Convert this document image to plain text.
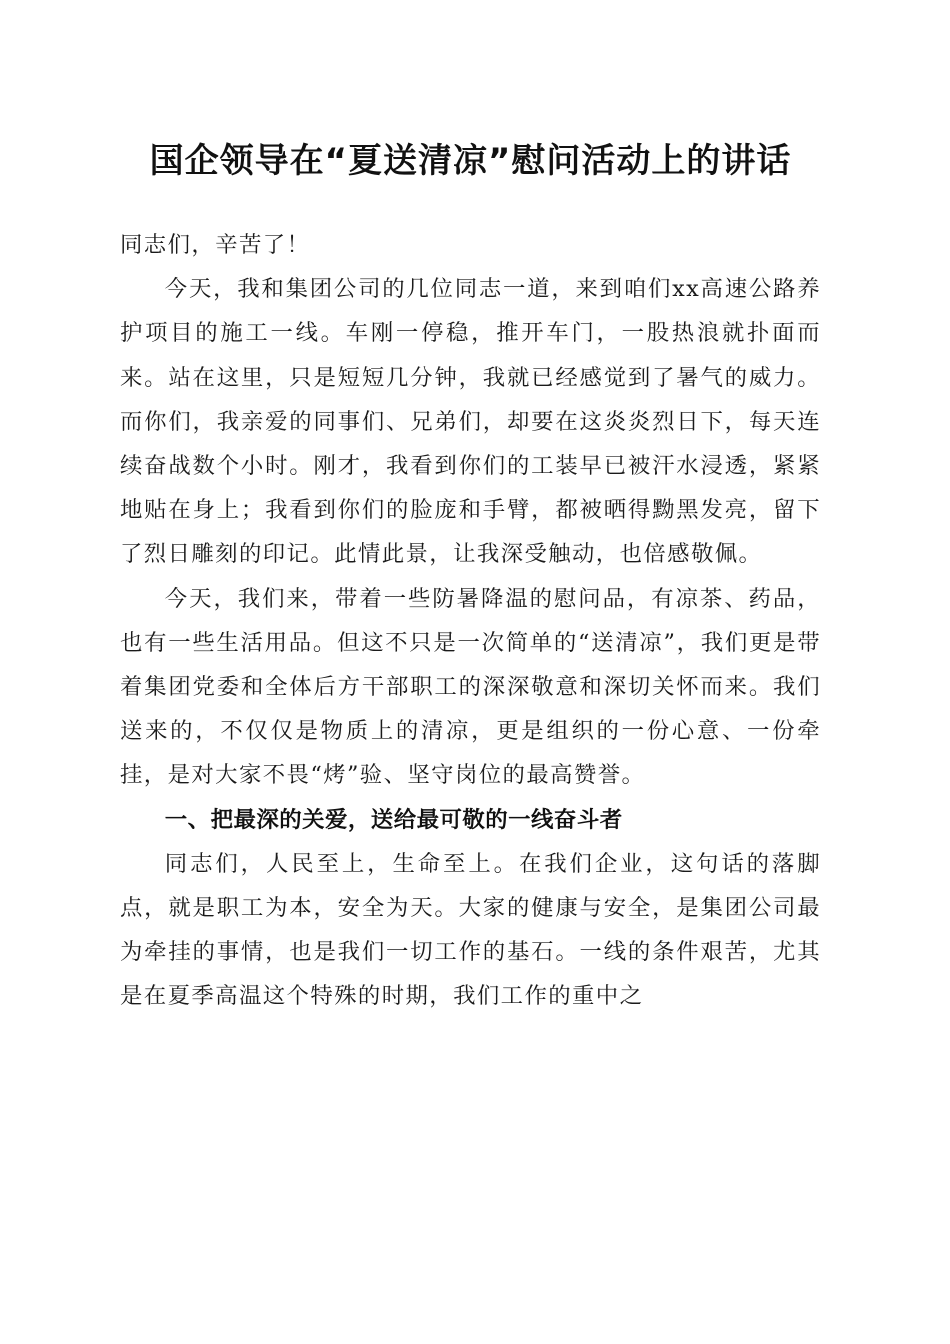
国企领导在“夏送清凉”慰问活动上的讲话

同志们，辛苦了！

今天，我和集团公司的几位同志一道，来到咱们xx高速公路养护项目的施工一线。车刚一停稳，推开车门，一股热浪就扑面而来。站在这里，只是短短几分钟，我就已经感觉到了暑气的威力。而你们，我亲爱的同事们、兄弟们，却要在这炎炎烈日下，每天连续奋战数个小时。刚才，我看到你们的工装早已被汗水浸透，紧紧地贴在身上；我看到你们的脸庞和手臂，都被晒得黝黑发亮，留下了烈日雕刻的印记。此情此景，让我深受触动，也倍感敬佩。

今天，我们来，带着一些防暑降温的慰问品，有凉茶、药品，也有一些生活用品。但这不只是一次简单的“送清凉”，我们更是带着集团党委和全体后方干部职工的深深敬意和深切关怀而来。我们送来的，不仅仅是物质上的清凉，更是组织的一份心意、一份牵挂，是对大家不畏“烤”验、坚守岗位的最高赞誉。

一、把最深的关爱，送给最可敬的一线奋斗者

同志们，人民至上，生命至上。在我们企业，这句话的落脚点，就是职工为本，安全为天。大家的健康与安全，是集团公司最为牵挂的事情，也是我们一切工作的基石。一线的条件艰苦，尤其是在夏季高温这个特殊的时期，我们工作的重中之
